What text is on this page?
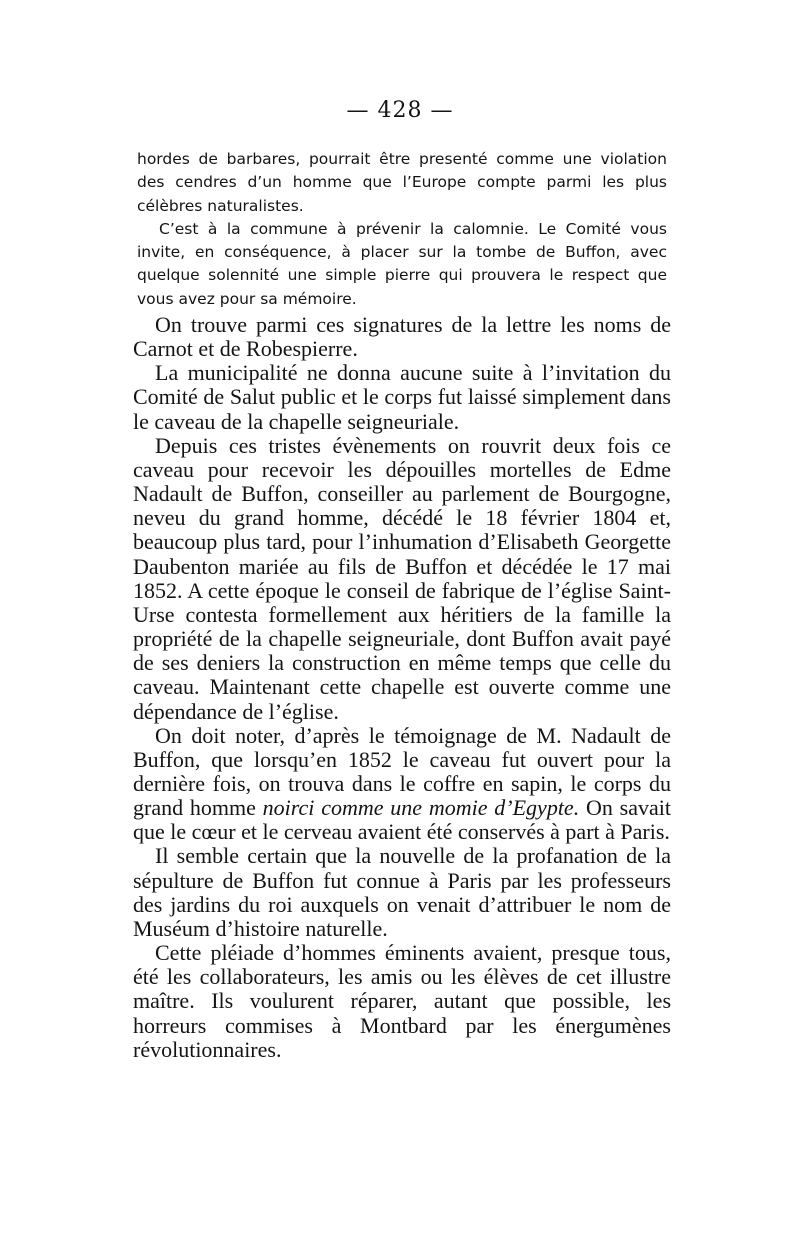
— 428 —

hordes de barbares, pourrait être presenté comme une violation des cendres d’un homme que l’Europe compte parmi les plus célèbres naturalistes.

C’est à la commune à prévenir la calomnie. Le Comité vous invite, en conséquence, à placer sur la tombe de Buffon, avec quelque solennité une simple pierre qui prouvera le respect que vous avez pour sa mémoire.

On trouve parmi ces signatures de la lettre les noms de Carnot et de Robespierre.

La municipalité ne donna aucune suite à l’invitation du Comité de Salut public et le corps fut laissé simplement dans le caveau de la chapelle seigneuriale.

Depuis ces tristes évènements on rouvrit deux fois ce caveau pour recevoir les dépouilles mortelles de Edme Nadault de Buffon, conseiller au parlement de Bourgogne, neveu du grand homme, décédé le 18 février 1804 et, beaucoup plus tard, pour l’inhumation d’Elisabeth Georgette Daubenton mariée au fils de Buffon et décédée le 17 mai 1852. A cette époque le conseil de fabrique de l’église Saint-Urse contesta formellement aux héritiers de la famille la propriété de la chapelle seigneuriale, dont Buffon avait payé de ses deniers la construction en même temps que celle du caveau. Maintenant cette chapelle est ouverte comme une dépendance de l’église.

On doit noter, d’après le témoignage de M. Nadault de Buffon, que lorsqu’en 1852 le caveau fut ouvert pour la dernière fois, on trouva dans le coffre en sapin, le corps du grand homme noirci comme une momie d’Egypte. On savait que le cœur et le cerveau avaient été conservés à part à Paris.

Il semble certain que la nouvelle de la profanation de la sépulture de Buffon fut connue à Paris par les professeurs des jardins du roi auxquels on venait d’attribuer le nom de Muséum d’histoire naturelle.

Cette pléiade d’hommes éminents avaient, presque tous, été les collaborateurs, les amis ou les élèves de cet illustre maître. Ils voulurent réparer, autant que possible, les horreurs commises à Montbard par les énergumènes révolutionnaires.
